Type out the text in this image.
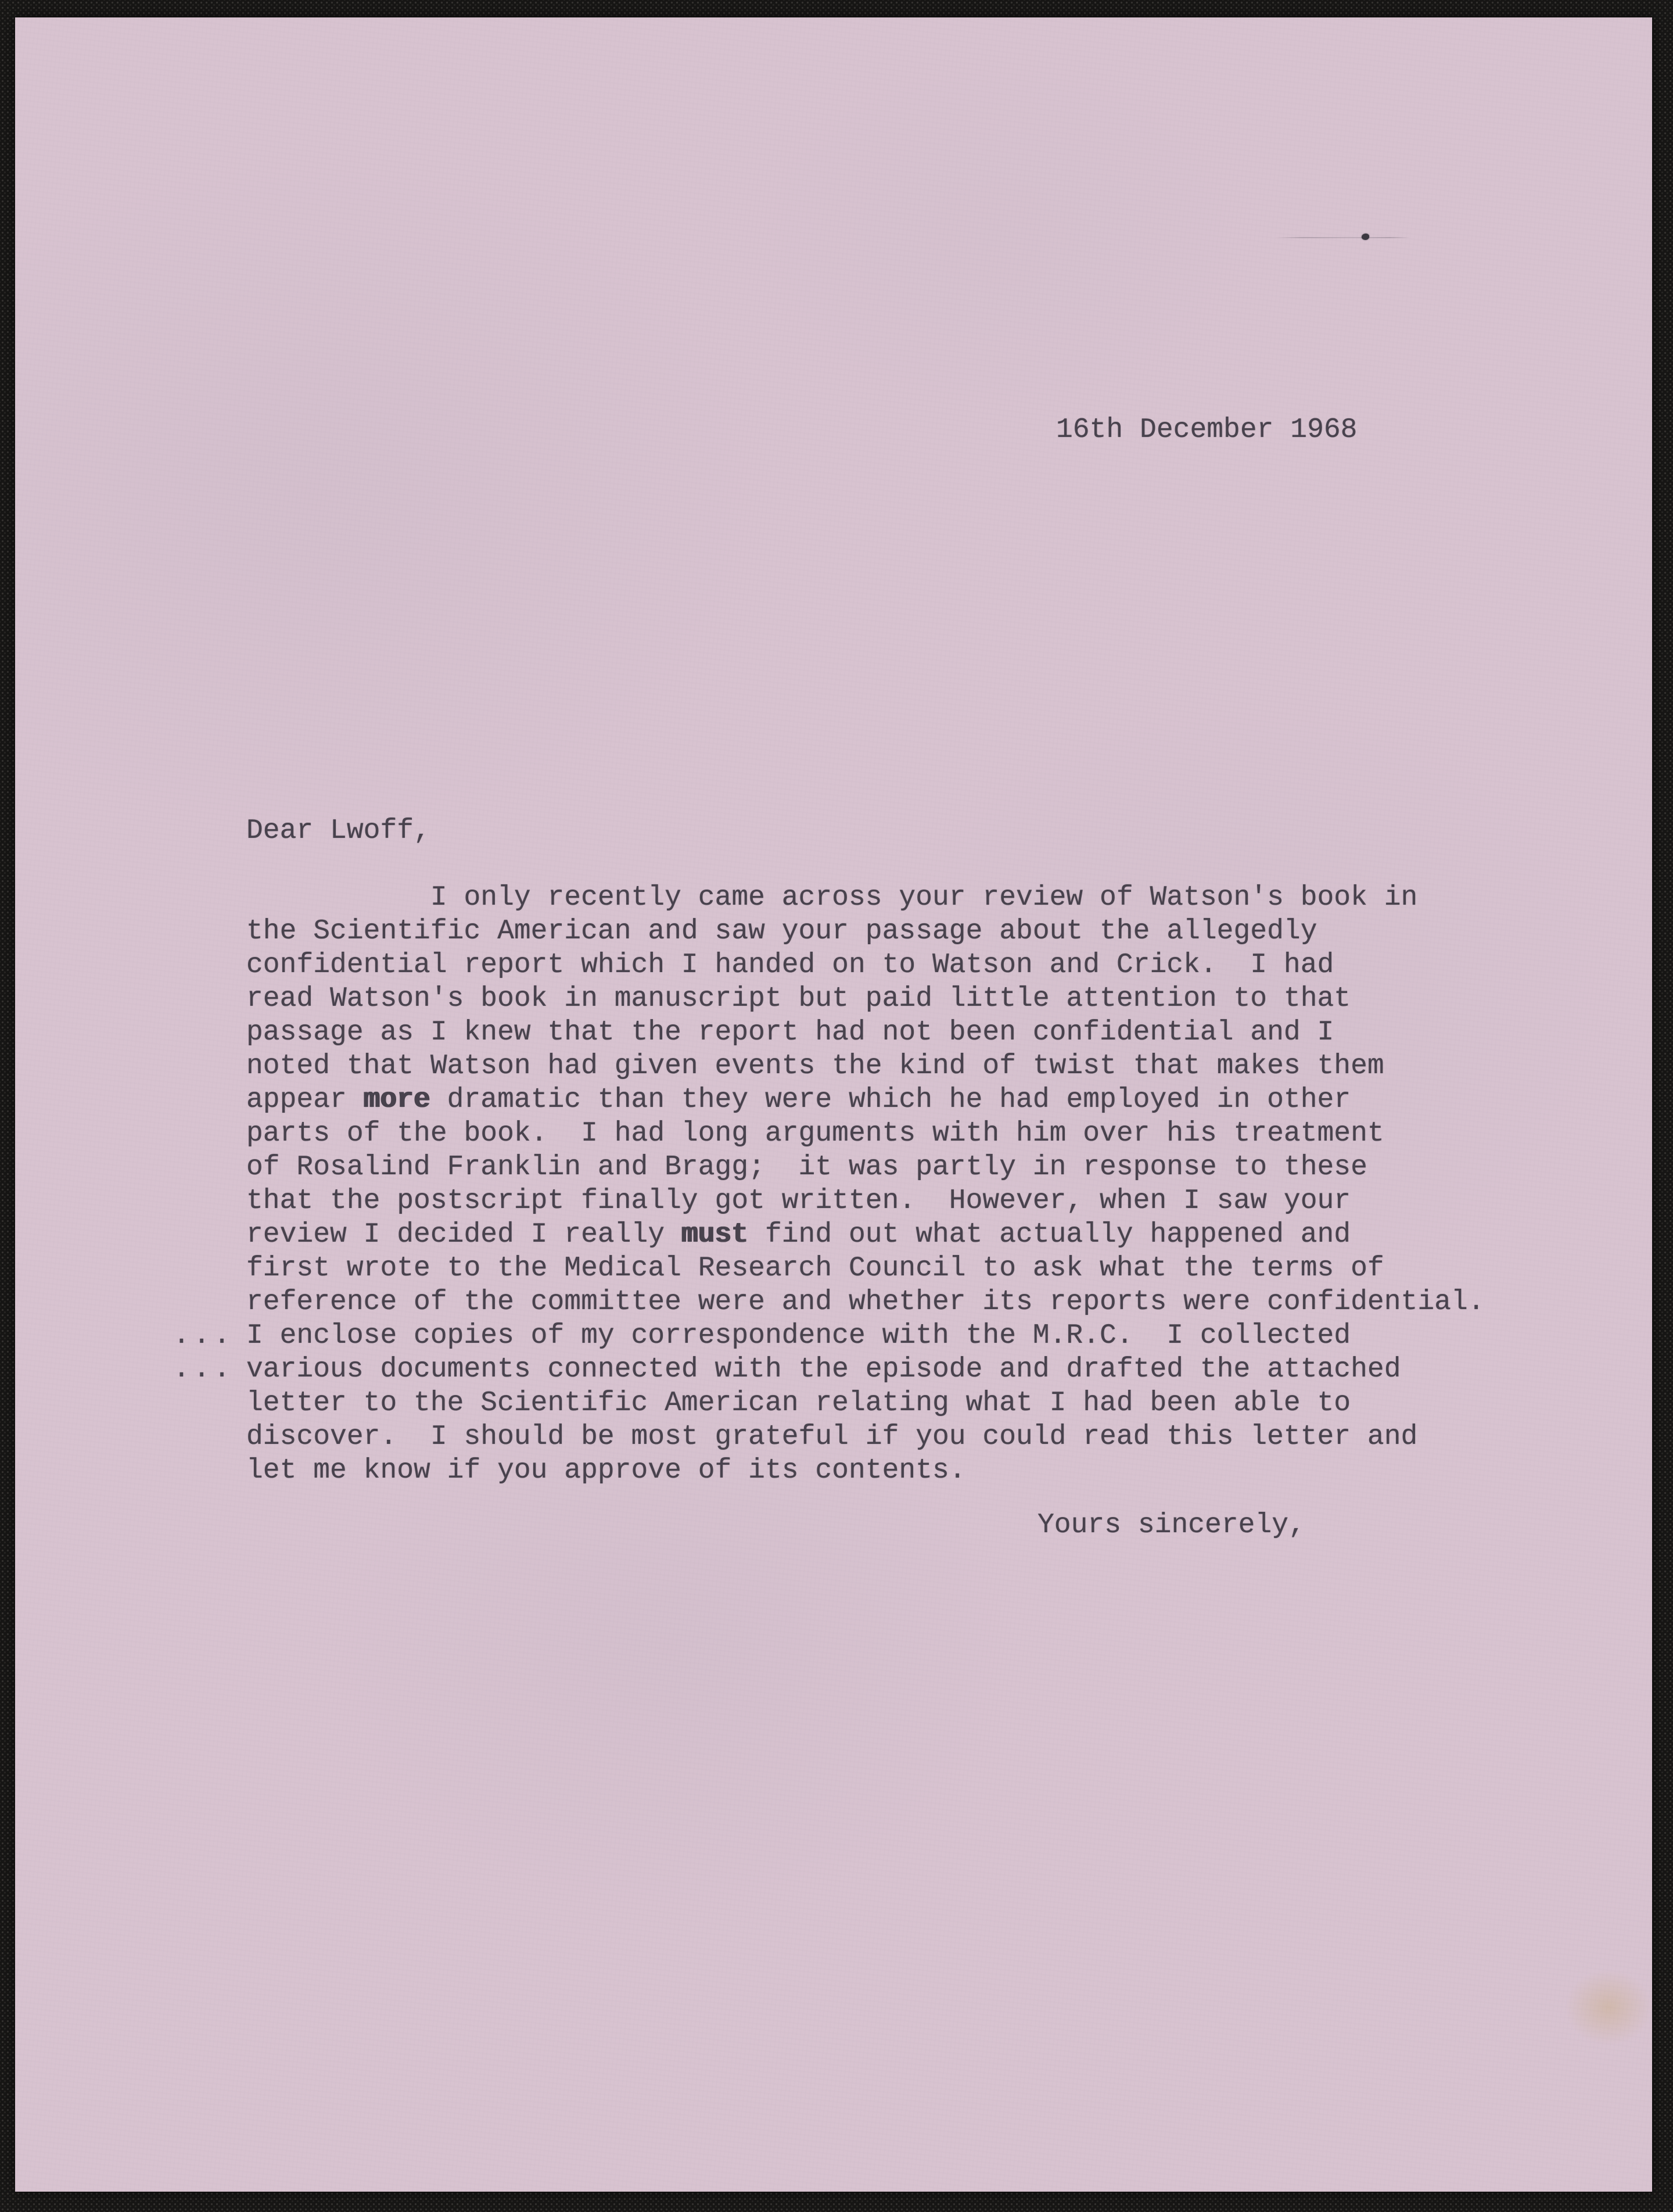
16th December 1968
Dear Lwoff,
I only recently came across your review of Watson's book in
the Scientific American and saw your passage about the allegedly
confidential report which I handed on to Watson and Crick.  I had
read Watson's book in manuscript but paid little attention to that
passage as I knew that the report had not been confidential and I
noted that Watson had given events the kind of twist that makes them
appear more dramatic than they were which he had employed in other
parts of the book.  I had long arguments with him over his treatment
of Rosalind Franklin and Bragg;  it was partly in response to these
that the postscript finally got written.  However, when I saw your
review I decided I really must find out what actually happened and
first wrote to the Medical Research Council to ask what the terms of
reference of the committee were and whether its reports were confidential.
I enclose copies of my correspondence with the M.R.C.  I collected
...
various documents connected with the episode and drafted the attached
...
letter to the Scientific American relating what I had been able to
discover.  I should be most grateful if you could read this letter and
let me know if you approve of its contents.
Yours sincerely,
